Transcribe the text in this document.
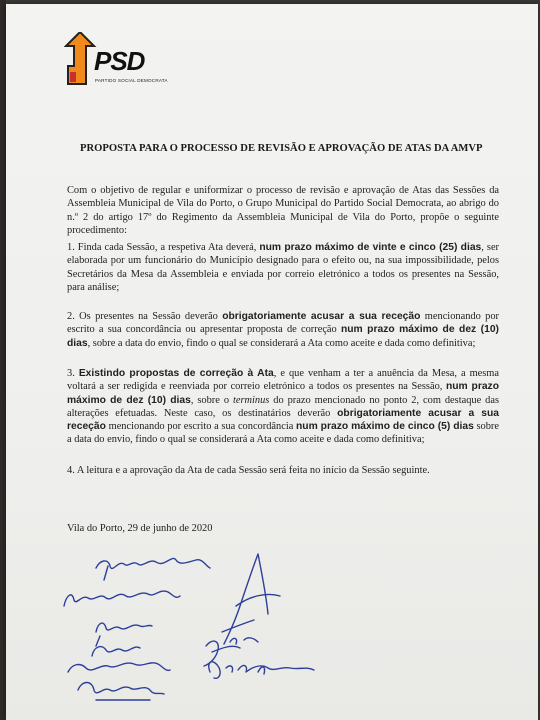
PSD
PARTIDO SOCIAL DEMOCRATA
PROPOSTA PARA O PROCESSO DE REVISÃO E APROVAÇÃO DE ATAS DA AMVP
Com o objetivo de regular e uniformizar o processo de revisão e aprovação de Atas das Sessões da Assembleia Municipal de Vila do Porto, o Grupo Municipal do Partido Social Democrata, ao abrigo do n.º 2 do artigo 17º do Regimento da Assembleia Municipal de Vila do Porto, propõe o seguinte procedimento:
1. Finda cada Sessão, a respetiva Ata deverá, num prazo máximo de vinte e cinco (25) dias, ser elaborada por um funcionário do Município designado para o efeito ou, na sua impossibilidade, pelos Secretários da Mesa da Assembleia e enviada por correio eletrónico a todos os presentes na Sessão, para análise;
2. Os presentes na Sessão deverão obrigatoriamente acusar a sua receção mencionando por escrito a sua concordância ou apresentar proposta de correção num prazo máximo de dez (10) dias, sobre a data do envio, findo o qual se considerará a Ata como aceite e dada como definitiva;
3. Existindo propostas de correção à Ata, e que venham a ter a anuência da Mesa, a mesma voltará a ser redigida e reenviada por correio eletrónico a todos os presentes na Sessão, num prazo máximo de dez (10) dias, sobre o terminus do prazo mencionado no ponto 2, com destaque das alterações efetuadas. Neste caso, os destinatários deverão obrigatoriamente acusar a sua receção mencionando por escrito a sua concordância num prazo máximo de cinco (5) dias sobre a data do envio, findo o qual se considerará a Ata como aceite e dada como definitiva;
4. A leitura e a aprovação da Ata de cada Sessão será feita no início da Sessão seguinte.
Vila do Porto, 29 de junho de 2020
